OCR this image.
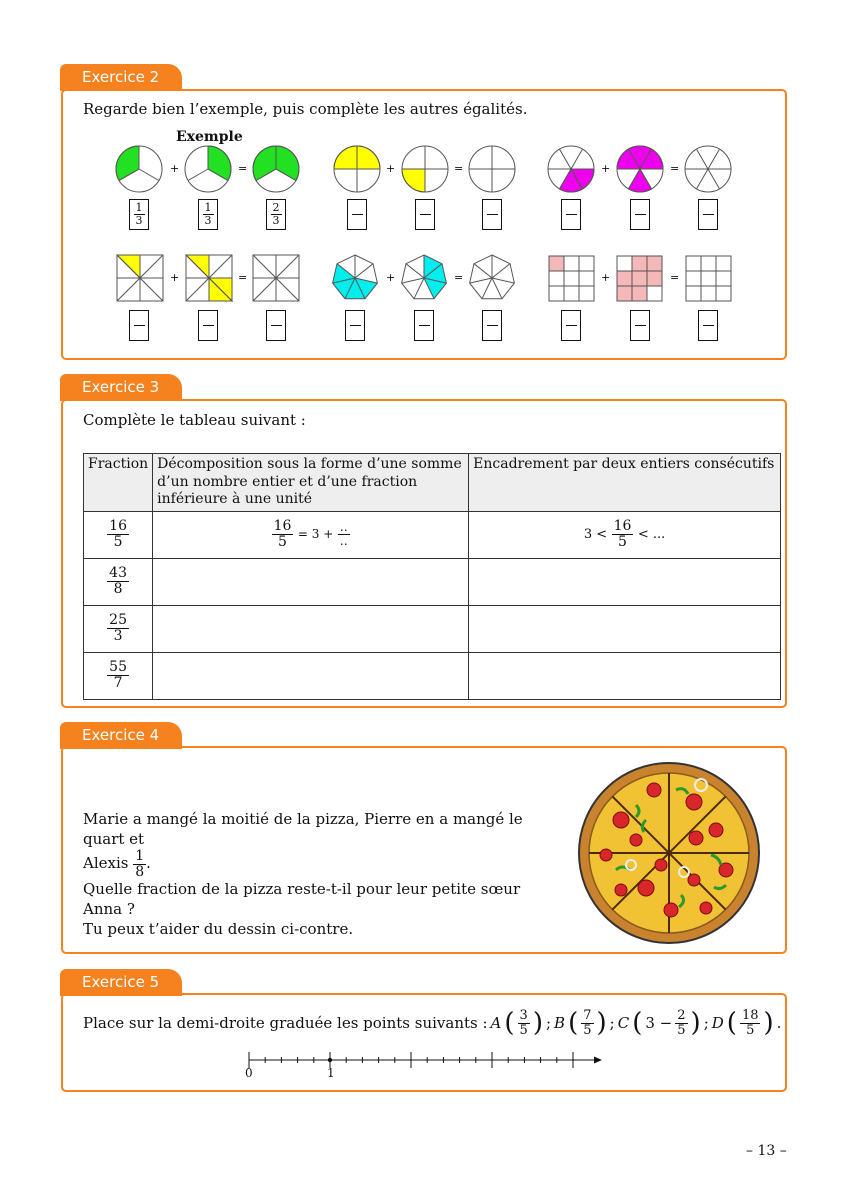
Exercice 2
Regarde bien l’exemple, puis complète les autres égalités.
Exemple
+	=	+	=	+	=
+	=	+	=	+	=
$\frac{1}{3}$	$\frac{1}{3}$	$\frac{2}{3}$
Exercice 3
Complète le tableau suivant :
Fraction	Décomposition sous la forme d’une somme d’un nombre entier et d’une fraction inférieure à une unité	Encadrement par deux entiers consécutifs

$\frac{16}{5}$	$\frac{16}{5} = 3 + \frac{‥}{‥}$	$3 < \frac{16}{5}$ < ...

$\frac{43}{8}$

$\frac{25}{3}$

$\frac{55}{7}$

Exercice 4
Marie a mangé la moitié de la pizza, Pierre en a mangé le quart et
Alexis $\frac{1}{8}$ .
Quelle fraction de la pizza reste-t-il pour leur petite sœur Anna ?
Tu peux t’aider du dessin ci-contre.
Exercice 5
Place sur la demi-droite graduée les points suivants : A ( $\frac{3}{5}$ ) ; B ( $\frac{7}{5}$ ) ; C ( $3 - \frac{2}{5}$ ) ; D ( $\frac{18}{5}$ ) .
0	1
– 13 –
